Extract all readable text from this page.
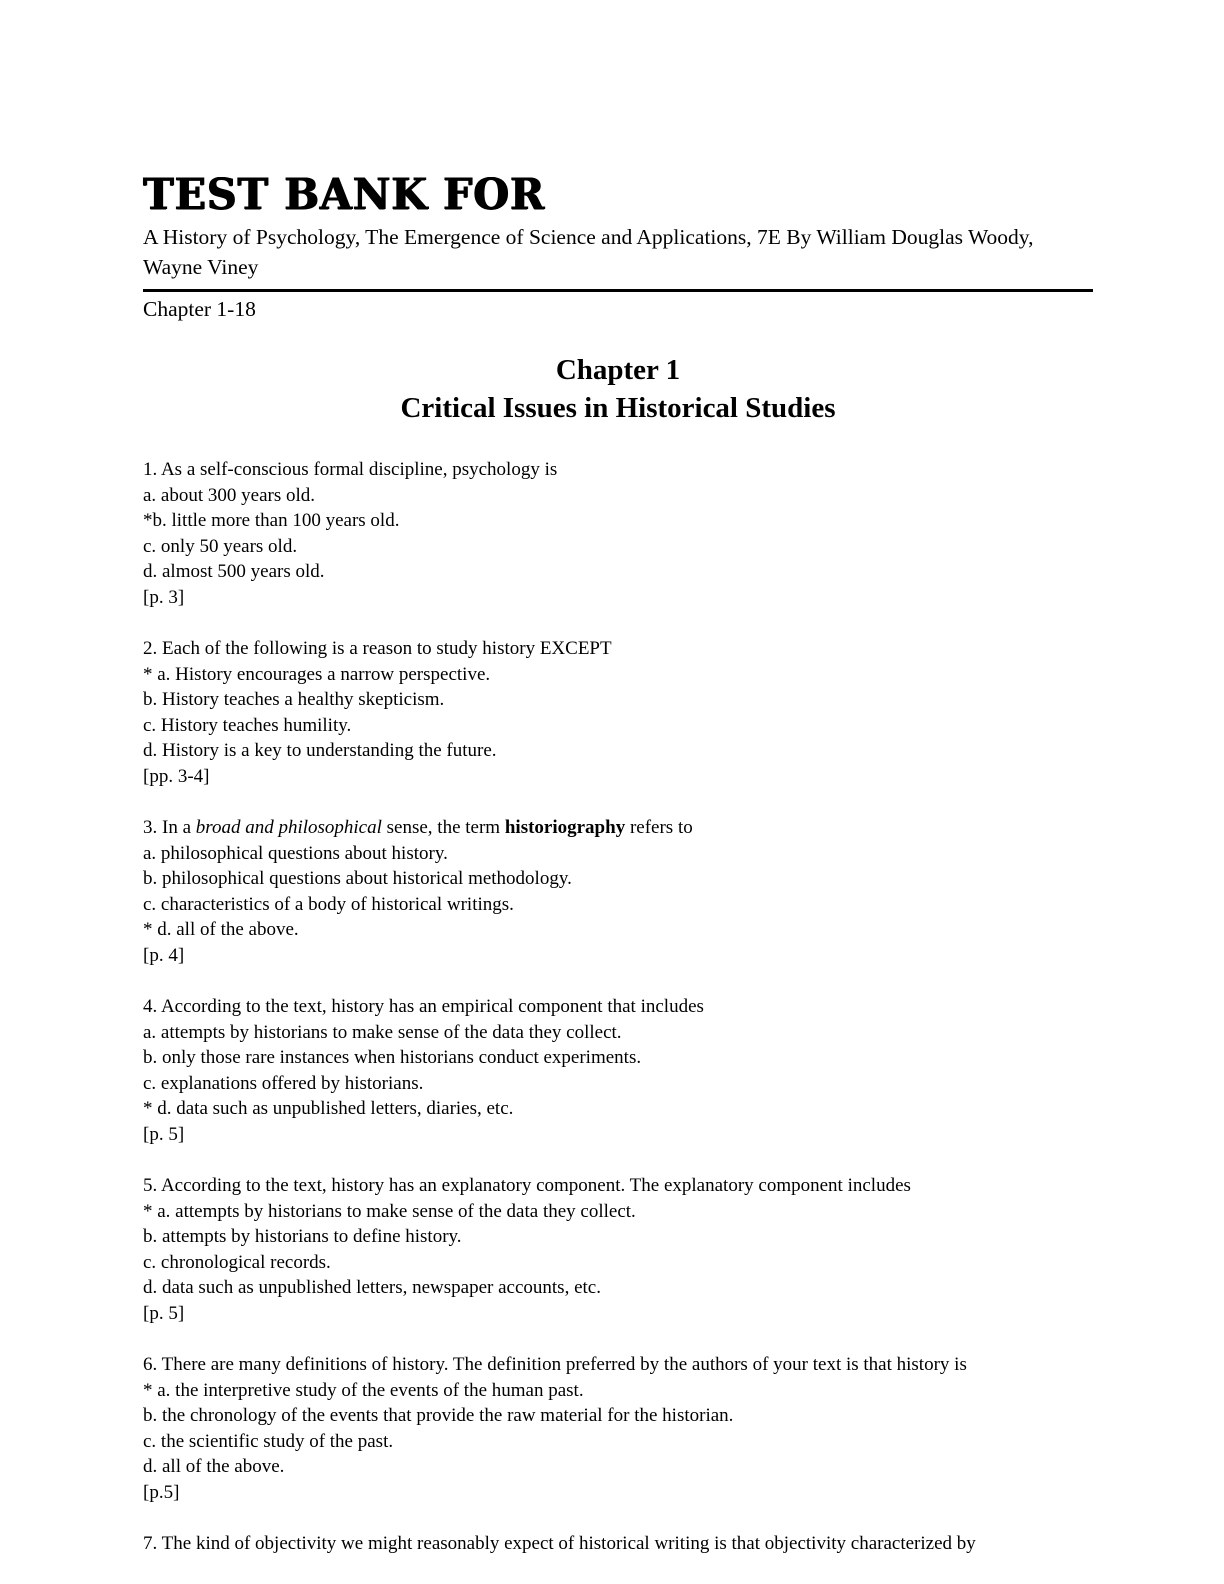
TEST BANK FOR
A History of Psychology, The Emergence of Science and Applications, 7E By William Douglas Woody, Wayne Viney
Chapter 1-18
Chapter 1
Critical Issues in Historical Studies
1. As a self-conscious formal discipline, psychology is
a. about 300 years old.
*b. little more than 100 years old.
c. only 50 years old.
d. almost 500 years old.
[p. 3]
2. Each of the following is a reason to study history EXCEPT
* a. History encourages a narrow perspective.
b. History teaches a healthy skepticism.
c. History teaches humility.
d. History is a key to understanding the future.
[pp. 3-4]
3. In a broad and philosophical sense, the term historiography refers to
a. philosophical questions about history.
b. philosophical questions about historical methodology.
c. characteristics of a body of historical writings.
* d. all of the above.
[p. 4]
4. According to the text, history has an empirical component that includes
a. attempts by historians to make sense of the data they collect.
b. only those rare instances when historians conduct experiments.
c. explanations offered by historians.
* d. data such as unpublished letters, diaries, etc.
[p. 5]
5. According to the text, history has an explanatory component. The explanatory component includes
* a. attempts by historians to make sense of the data they collect.
b. attempts by historians to define history.
c. chronological records.
d. data such as unpublished letters, newspaper accounts, etc.
[p. 5]
6. There are many definitions of history. The definition preferred by the authors of your text is that history is
* a. the interpretive study of the events of the human past.
b. the chronology of the events that provide the raw material for the historian.
c. the scientific study of the past.
d. all of the above.
[p.5]
7. The kind of objectivity we might reasonably expect of historical writing is that objectivity characterized by
